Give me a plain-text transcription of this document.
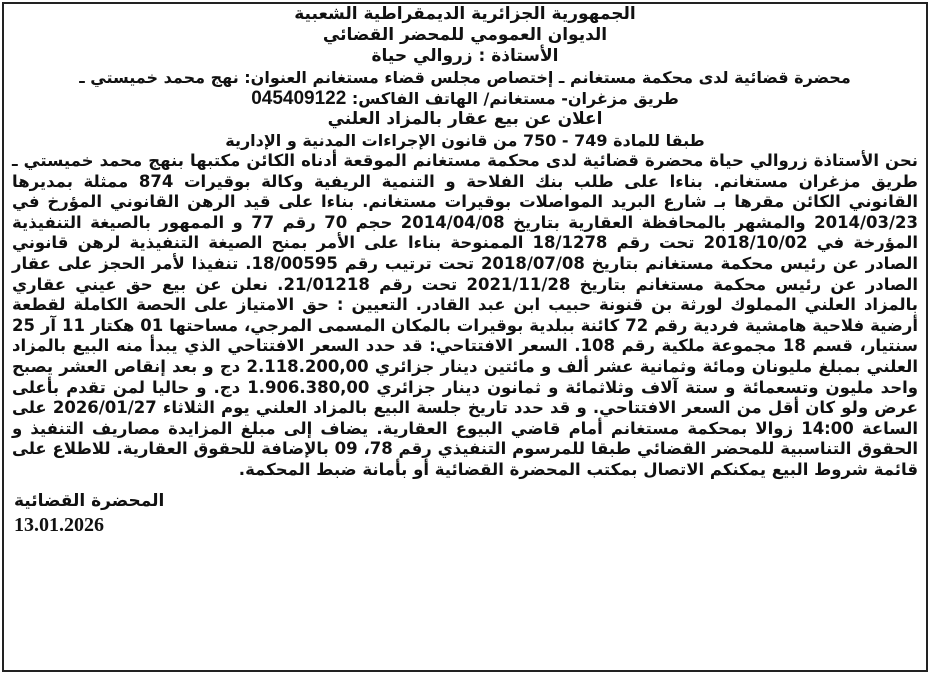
الجمهورية الجزائرية الديمقراطية الشعبية
الديوان العمومي للمحضر القضائي
الأستاذة : زروالي حياة
محضرة قضائية لدى محكمة مستغانم ـ إختصاص مجلس قضاء مستغانم العنوان: نهج محمد خميستي ـ
طريق مزغران- مستغانم/ الهاتف الفاكس: 045409122
اعلان عن بيع عقار بالمزاد العلني
طبقا للمادة 749 - 750 من قانون الإجراءات المدنية و الإدارية

نحن الأستاذة زروالي حياة محضرة قضائية لدى محكمة مستغانم الموقعة أدناه الكائن مكتبها بنهج محمد خميستي ـ طريق مزغران مستغانم. بناءا على طلب بنك الفلاحة و التنمية الريفية وكالة بوقيرات 874 ممثلة بمديرها القانوني الكائن مقرها بـ شارع البريد المواصلات بوقيرات مستغانم. بناءا على قيد الرهن القانوني المؤرخ في 2014/03/23 والمشهر بالمحافظة العقارية بتاريخ 2014/04/08 حجم 70 رقم 77 و الممهور بالصيغة التنفيذية المؤرخة في 2018/10/02 تحت رقم 18/1278 الممنوحة بناءا على الأمر بمنح الصيغة التنفيذية لرهن قانوني الصادر عن رئيس محكمة مستغانم بتاريخ 2018/07/08 تحت ترتيب رقم 18/00595. تنفيذا لأمر الحجز على عقار الصادر عن رئيس محكمة مستغانم بتاريخ 2021/11/28 تحت رقم 21/01218. نعلن عن بيع حق عيني عقاري بالمزاد العلني المملوك لورثة بن قنونة حبيب ابن عبد القادر. التعيين : حق الامتياز على الحصة الكاملة لقطعة أرضية فلاحية هامشية فردية رقم 72 كائنة ببلدية بوقيرات بالمكان المسمى المرجي، مساحتها 01 هكتار 11 آر 25 سنتيار، قسم 18 مجموعة ملكية رقم 108. السعر الافتتاحي: قد حدد السعر الافتتاحي الذي يبدأ منه البيع بالمزاد العلني بمبلغ مليونان ومائة وثمانية عشر ألف و مائتين دينار جزائري 2.118.200,00 دج و بعد إنقاص العشر يصبح واحد مليون وتسعمائة و ستة آلاف وثلاثمائة و ثمانون دينار جزائري 1.906.380,00 دج. و حاليا لمن تقدم بأعلى عرض ولو كان أقل من السعر الافتتاحي. و قد حدد تاريخ جلسة البيع بالمزاد العلني يوم الثلاثاء 2026/01/27 على الساعة 14:00 زوالا بمحكمة مستغانم أمام قاضي البيوع العقارية. يضاف إلى مبلغ المزايدة مصاريف التنفيذ و الحقوق التناسبية للمحضر القضائي طبقا للمرسوم التنفيذي رقم 78، 09 بالإضافة للحقوق العقارية. للاطلاع على قائمة شروط البيع يمكنكم الاتصال بمكتب المحضرة القضائية أو بأمانة ضبط المحكمة.

المحضرة القضائية
13.01.2026
